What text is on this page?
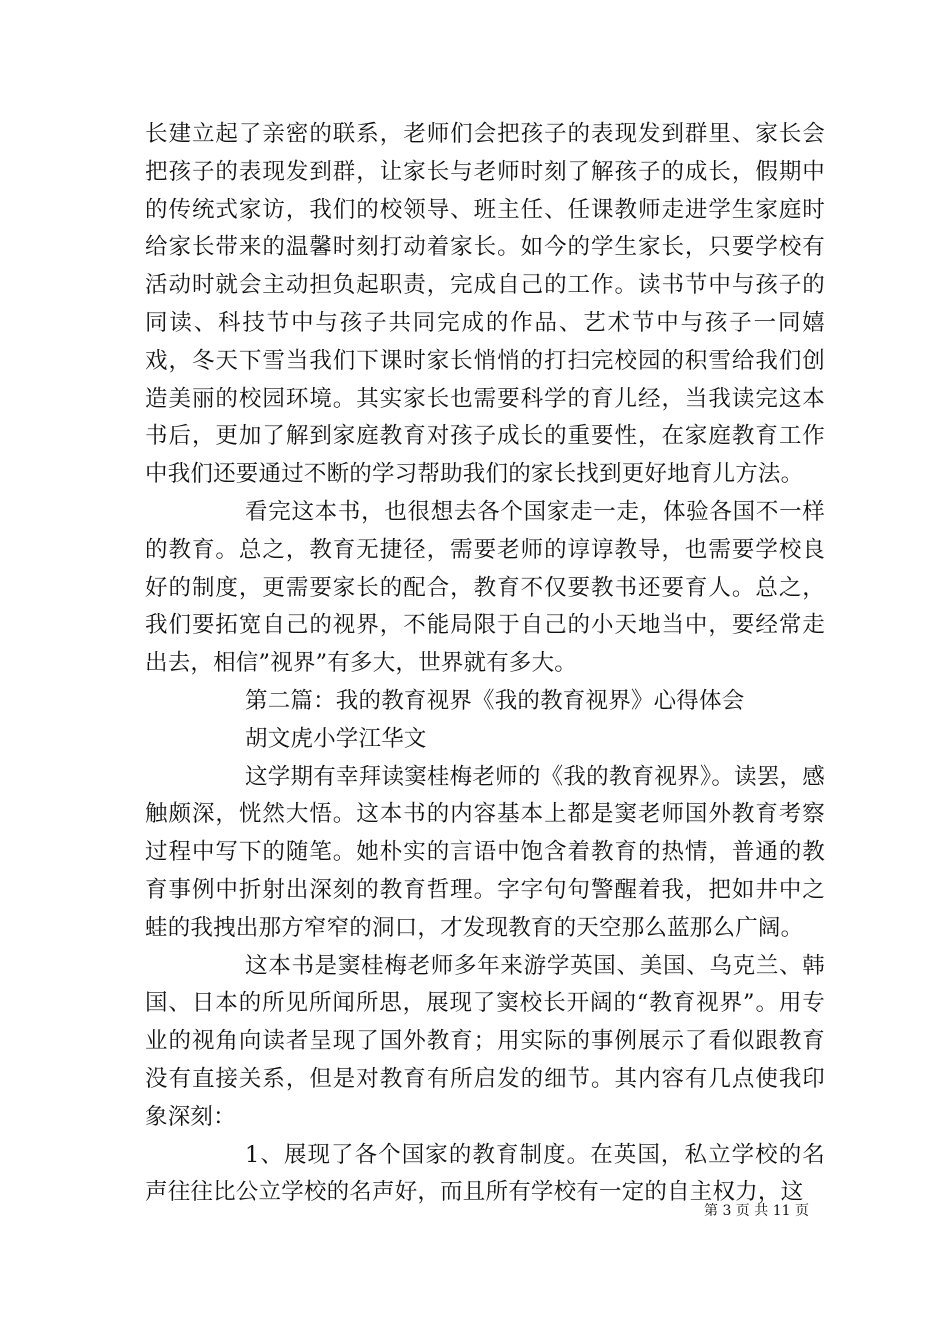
长建立起了亲密的联系，老师们会把孩子的表现发到群里、家长会把孩子的表现发到群，让家长与老师时刻了解孩子的成长，假期中的传统式家访，我们的校领导、班主任、任课教师走进学生家庭时给家长带来的温馨时刻打动着家长。如今的学生家长，只要学校有活动时就会主动担负起职责，完成自己的工作。读书节中与孩子的同读、科技节中与孩子共同完成的作品、艺术节中与孩子一同嬉戏，冬天下雪当我们下课时家长悄悄的打扫完校园的积雪给我们创造美丽的校园环境。其实家长也需要科学的育儿经，当我读完这本书后，更加了解到家庭教育对孩子成长的重要性，在家庭教育工作中我们还要通过不断的学习帮助我们的家长找到更好地育儿方法。

看完这本书，也很想去各个国家走一走，体验各国不一样的教育。总之，教育无捷径，需要老师的谆谆教导，也需要学校良好的制度，更需要家长的配合，教育不仅要教书还要育人。总之，我们要拓宽自己的视界，不能局限于自己的小天地当中，要经常走出去，相信”视界”有多大，世界就有多大。

第二篇：我的教育视界《我的教育视界》心得体会

胡文虎小学江华文

这学期有幸拜读窦桂梅老师的《我的教育视界》。读罢，感触颇深，恍然大悟。这本书的内容基本上都是窦老师国外教育考察过程中写下的随笔。她朴实的言语中饱含着教育的热情，普通的教育事例中折射出深刻的教育哲理。字字句句警醒着我，把如井中之蛙的我拽出那方窄窄的洞口，才发现教育的天空那么蓝那么广阔。

这本书是窦桂梅老师多年来游学英国、美国、乌克兰、韩国、日本的所见所闻所思，展现了窦校长开阔的“教育视界”。用专业的视角向读者呈现了国外教育；用实际的事例展示了看似跟教育没有直接关系，但是对教育有所启发的细节。其内容有几点使我印象深刻：

1、展现了各个国家的教育制度。在英国，私立学校的名声往往比公立学校的名声好，而且所有学校有一定的自主权力，这

第 3 页 共 11 页
